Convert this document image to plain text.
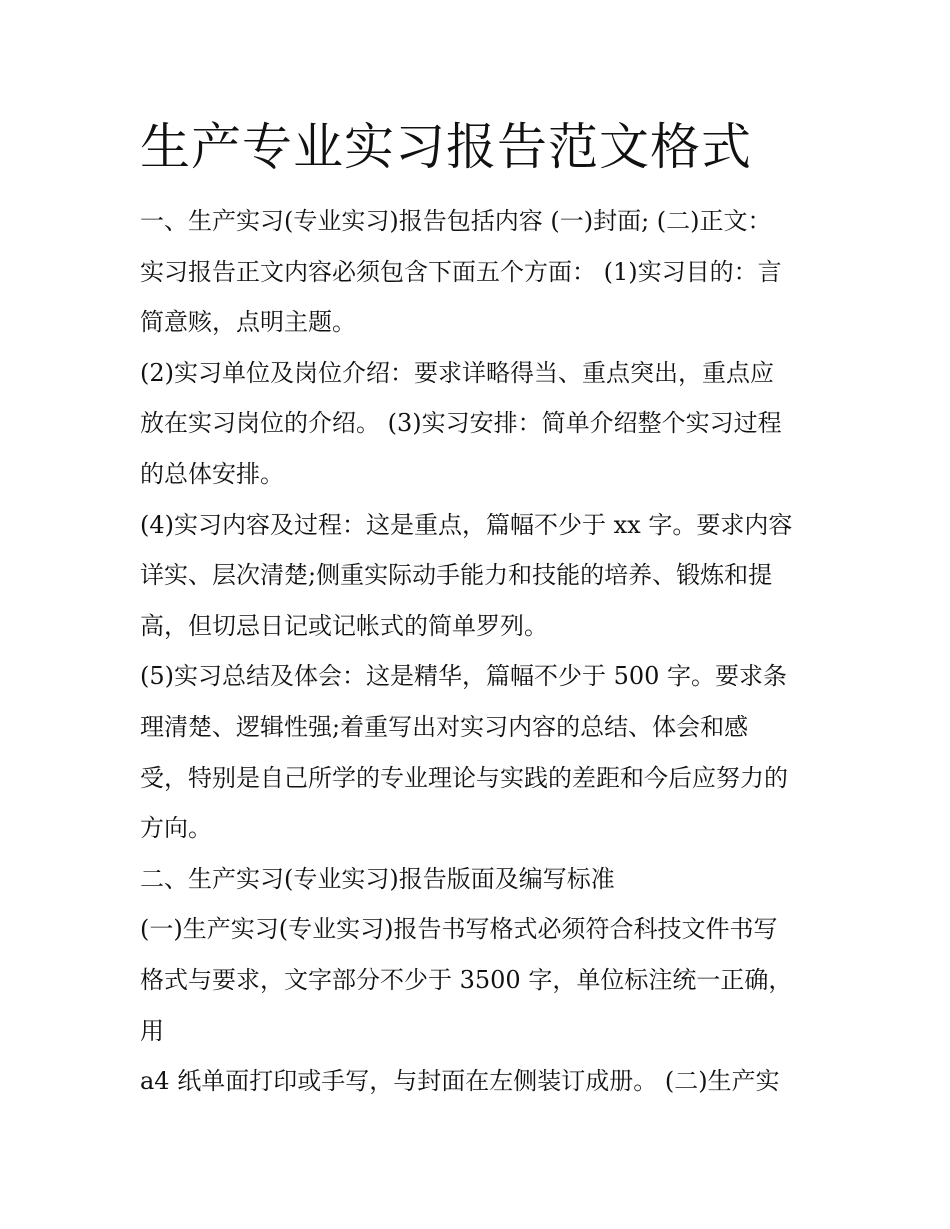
生产专业实习报告范文格式
一、生产实习(专业实习)报告包括内容 (一)封面; (二)正文：
实习报告正文内容必须包含下面五个方面： (1)实习目的：言
简意赅，点明主题。
(2)实习单位及岗位介绍：要求详略得当、重点突出，重点应
放在实习岗位的介绍。 (3)实习安排：简单介绍整个实习过程
的总体安排。
(4)实习内容及过程：这是重点，篇幅不少于 xx 字。要求内容
详实、层次清楚;侧重实际动手能力和技能的培养、锻炼和提
高，但切忌日记或记帐式的简单罗列。
(5)实习总结及体会：这是精华，篇幅不少于 500 字。要求条
理清楚、逻辑性强;着重写出对实习内容的总结、体会和感
受，特别是自己所学的专业理论与实践的差距和今后应努力的
方向。
二、生产实习(专业实习)报告版面及编写标准
(一)生产实习(专业实习)报告书写格式必须符合科技文件书写
格式与要求，文字部分不少于 3500 字，单位标注统一正确，
用
a4 纸单面打印或手写，与封面在左侧装订成册。 (二)生产实
